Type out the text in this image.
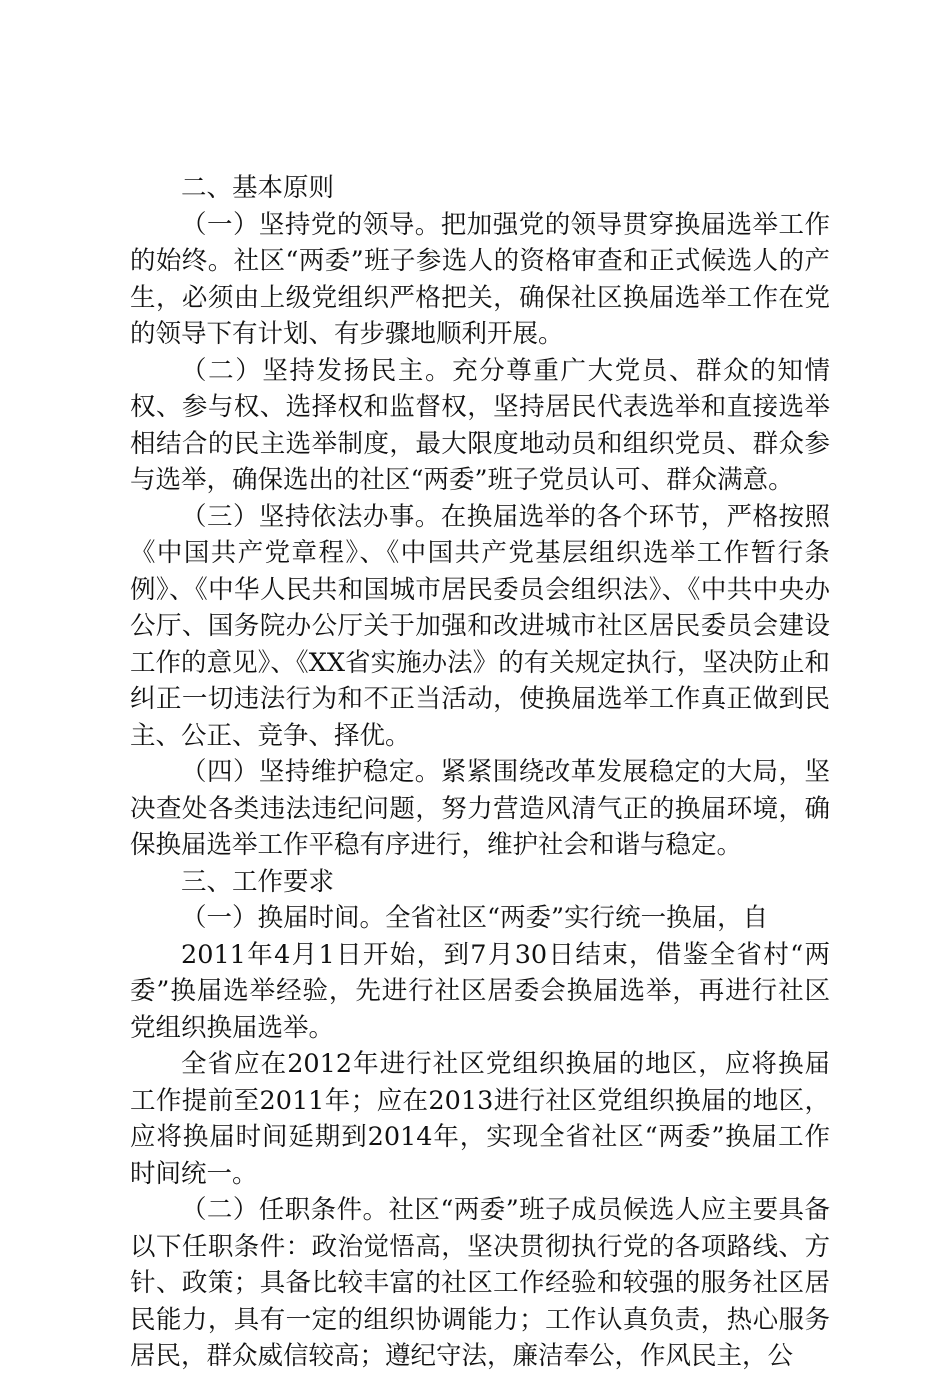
二、基本原则

（一）坚持党的领导。把加强党的领导贯穿换届选举工作的始终。社区“两委”班子参选人的资格审查和正式候选人的产生，必须由上级党组织严格把关，确保社区换届选举工作在党的领导下有计划、有步骤地顺利开展。

（二）坚持发扬民主。充分尊重广大党员、群众的知情权、参与权、选择权和监督权，坚持居民代表选举和直接选举相结合的民主选举制度，最大限度地动员和组织党员、群众参与选举，确保选出的社区“两委”班子党员认可、群众满意。

（三）坚持依法办事。在换届选举的各个环节，严格按照《中国共产党章程》、《中国共产党基层组织选举工作暂行条例》、《中华人民共和国城市居民委员会组织法》、《中共中央办公厅、国务院办公厅关于加强和改进城市社区居民委员会建设工作的意见》、《XX省实施办法》的有关规定执行，坚决防止和纠正一切违法行为和不正当活动，使换届选举工作真正做到民主、公正、竞争、择优。

（四）坚持维护稳定。紧紧围绕改革发展稳定的大局，坚决查处各类违法违纪问题，努力营造风清气正的换届环境，确保换届选举工作平稳有序进行，维护社会和谐与稳定。

三、工作要求

（一）换届时间。全省社区“两委”实行统一换届，自

2011年4月1日开始，到7月30日结束，借鉴全省村“两委”换届选举经验，先进行社区居委会换届选举，再进行社区党组织换届选举。

全省应在2012年进行社区党组织换届的地区，应将换届工作提前至2011年；应在2013进行社区党组织换届的地区，应将换届时间延期到2014年，实现全省社区“两委”换届工作时间统一。

（二）任职条件。社区“两委”班子成员候选人应主要具备以下任职条件：政治觉悟高，坚决贯彻执行党的各项路线、方针、政策；具备比较丰富的社区工作经验和较强的服务社区居民能力，具有一定的组织协调能力；工作认真负责，热心服务居民，群众威信较高；遵纪守法，廉洁奉公，作风民主，公
